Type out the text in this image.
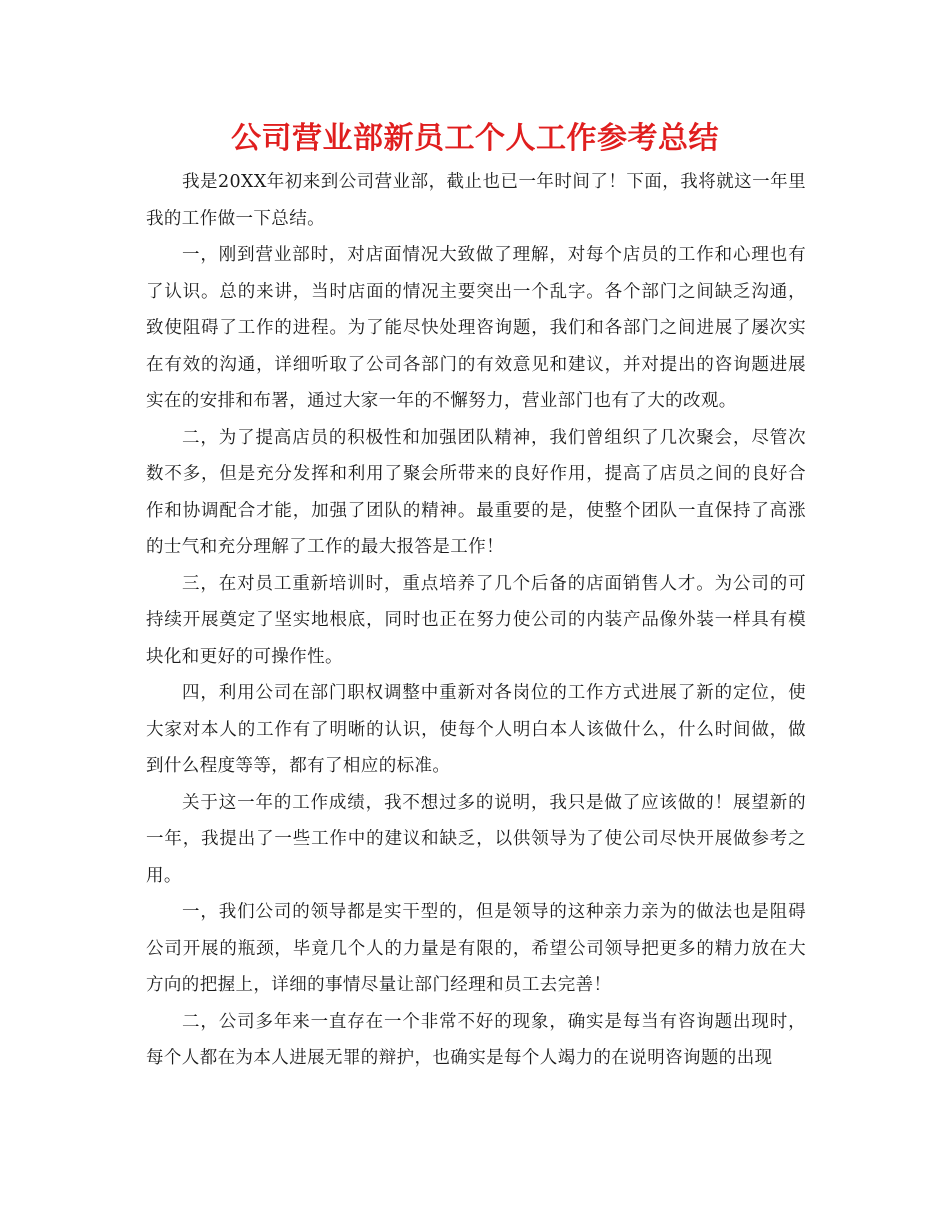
公司营业部新员工个人工作参考总结

我是20XX年初来到公司营业部，截止也已一年时间了！下面，我将就这一年里我的工作做一下总结。

一，刚到营业部时，对店面情况大致做了理解，对每个店员的工作和心理也有了认识。总的来讲，当时店面的情况主要突出一个乱字。各个部门之间缺乏沟通，致使阻碍了工作的进程。为了能尽快处理咨询题，我们和各部门之间进展了屡次实在有效的沟通，详细听取了公司各部门的有效意见和建议，并对提出的咨询题进展实在的安排和布署，通过大家一年的不懈努力，营业部门也有了大的改观。

二，为了提高店员的积极性和加强团队精神，我们曾组织了几次聚会，尽管次数不多，但是充分发挥和利用了聚会所带来的良好作用，提高了店员之间的良好合作和协调配合才能，加强了团队的精神。最重要的是，使整个团队一直保持了高涨的士气和充分理解了工作的最大报答是工作！

三，在对员工重新培训时，重点培养了几个后备的店面销售人才。为公司的可持续开展奠定了坚实地根底，同时也正在努力使公司的内装产品像外装一样具有模块化和更好的可操作性。

四，利用公司在部门职权调整中重新对各岗位的工作方式进展了新的定位，使大家对本人的工作有了明晰的认识，使每个人明白本人该做什么，什么时间做，做到什么程度等等，都有了相应的标准。

关于这一年的工作成绩，我不想过多的说明，我只是做了应该做的！展望新的一年，我提出了一些工作中的建议和缺乏，以供领导为了使公司尽快开展做参考之用。

一，我们公司的领导都是实干型的，但是领导的这种亲力亲为的做法也是阻碍公司开展的瓶颈，毕竟几个人的力量是有限的，希望公司领导把更多的精力放在大方向的把握上，详细的事情尽量让部门经理和员工去完善！

二，公司多年来一直存在一个非常不好的现象，确实是每当有咨询题出现时，每个人都在为本人进展无罪的辩护，也确实是每个人竭力的在说明咨询题的出现
